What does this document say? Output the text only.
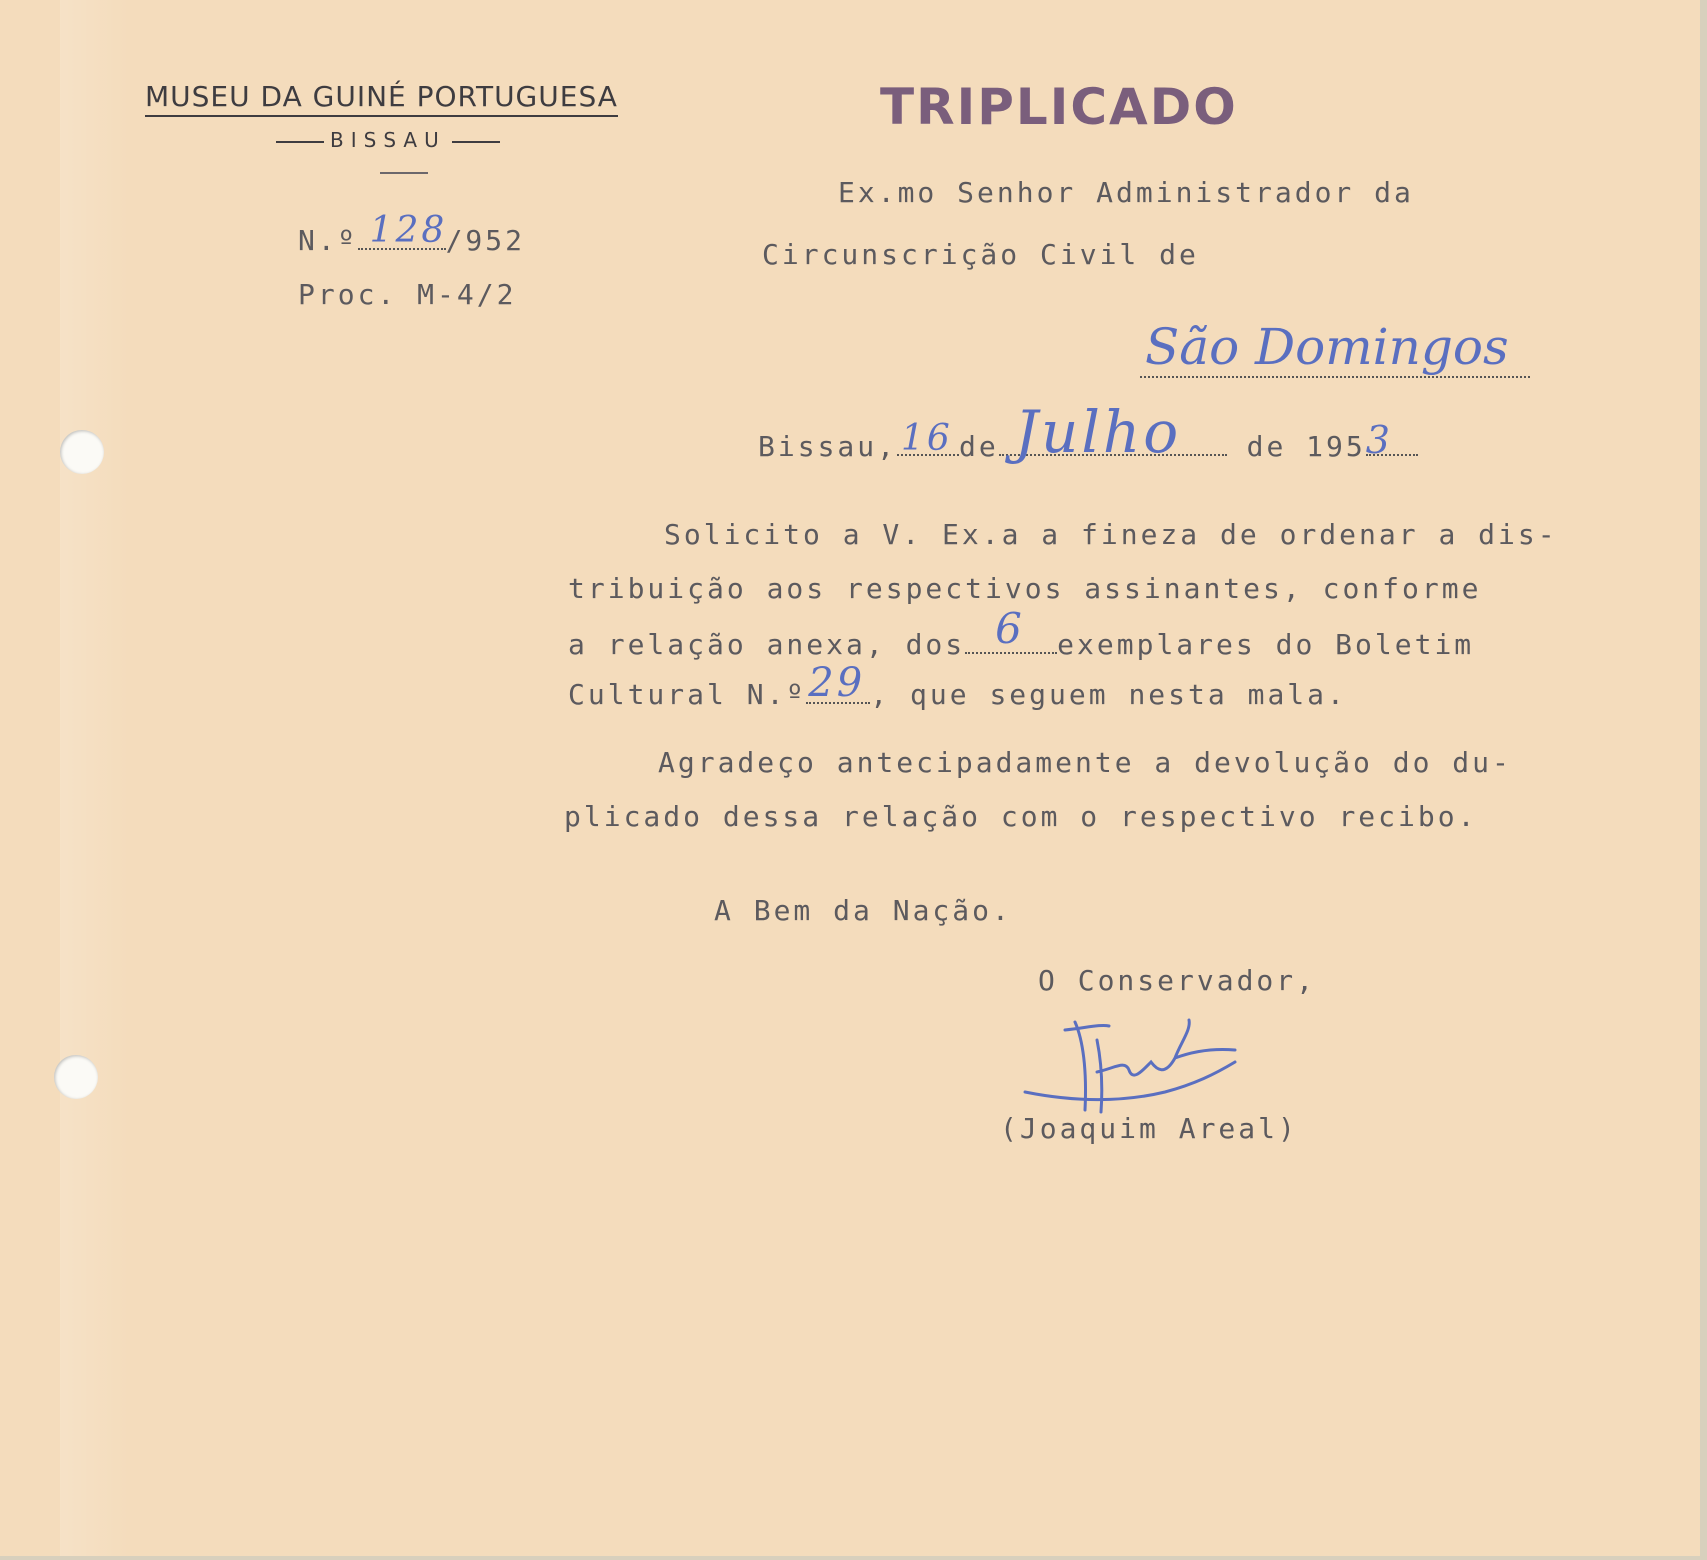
MUSEU DA GUINÉ PORTUGUESA
BISSAU
TRIPLICADO
N.º 128
/952
Proc. M-4/2
Ex.mo Senhor Administrador da
Circunscrição Civil de
São Domingos
Bissau, 16 de Julho de 195 3
Solicito a V. Ex.a a fineza de ordenar a dis-
tribuição aos respectivos assinantes, conforme
a relação anexa, dos 6 exemplares do Boletim
Cultural N.º 29 , que seguem nesta mala.
Agradeço antecipadamente a devolução do du-
plicado dessa relação com o respectivo recibo.
A Bem da Nação.
O Conservador,
(Joaquim Areal)
